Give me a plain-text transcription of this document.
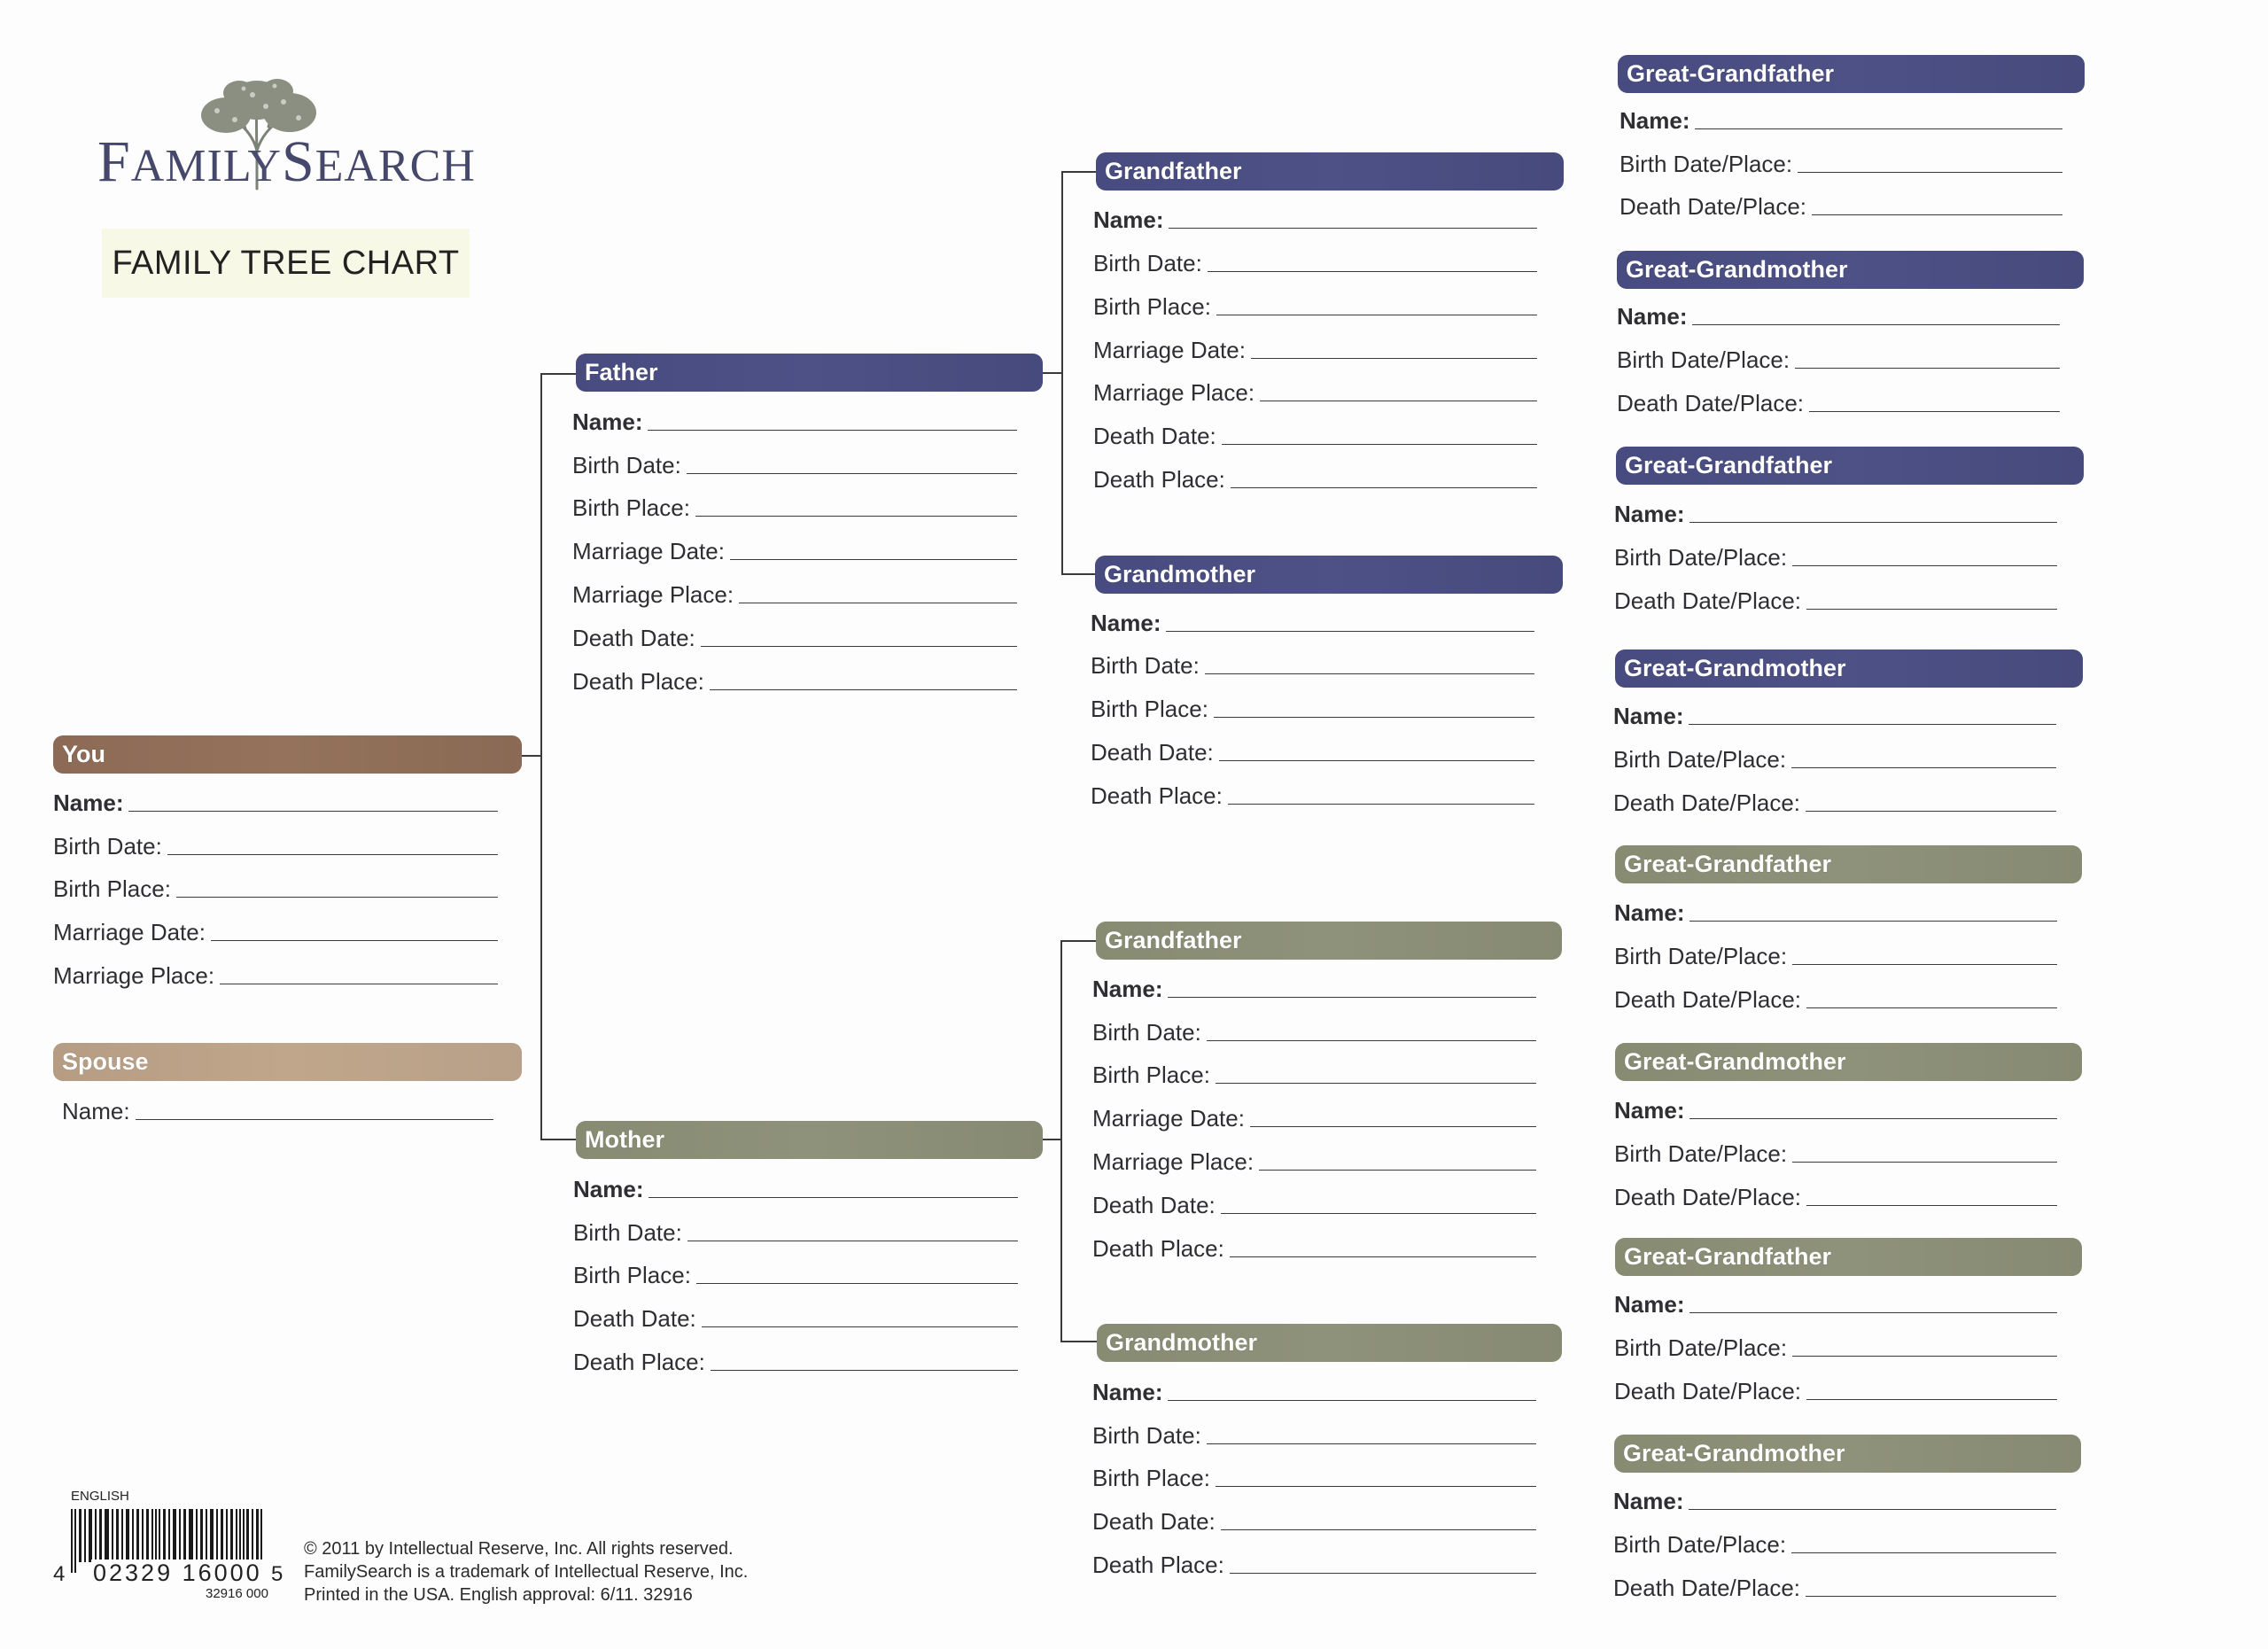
FAMILYSEARCH
FAMILY TREE CHART
You
Name:
Birth Date:
Birth Place:
Marriage Date:
Marriage Place:
Spouse
Name:
Father
Name:
Birth Date:
Birth Place:
Marriage Date:
Marriage Place:
Death Date:
Death Place:
Mother
Name:
Birth Date:
Birth Place:
Death Date:
Death Place:
Grandfather
Name:
Birth Date:
Birth Place:
Marriage Date:
Marriage Place:
Death Date:
Death Place:
Grandmother
Name:
Birth Date:
Birth Place:
Death Date:
Death Place:
Grandfather
Name:
Birth Date:
Birth Place:
Marriage Date:
Marriage Place:
Death Date:
Death Place:
Grandmother
Name:
Birth Date:
Birth Place:
Death Date:
Death Place:
Great-Grandfather
Name:
Birth Date/Place:
Death Date/Place:
Great-Grandmother
Name:
Birth Date/Place:
Death Date/Place:
Great-Grandfather
Name:
Birth Date/Place:
Death Date/Place:
Great-Grandmother
Name:
Birth Date/Place:
Death Date/Place:
Great-Grandfather
Name:
Birth Date/Place:
Death Date/Place:
Great-Grandmother
Name:
Birth Date/Place:
Death Date/Place:
Great-Grandfather
Name:
Birth Date/Place:
Death Date/Place:
Great-Grandmother
Name:
Birth Date/Place:
Death Date/Place:
ENGLISH
4 02329 16000 5
32916 000
© 2011 by Intellectual Reserve, Inc. All rights reserved.
FamilySearch is a trademark of Intellectual Reserve, Inc.
Printed in the USA. English approval: 6/11. 32916
